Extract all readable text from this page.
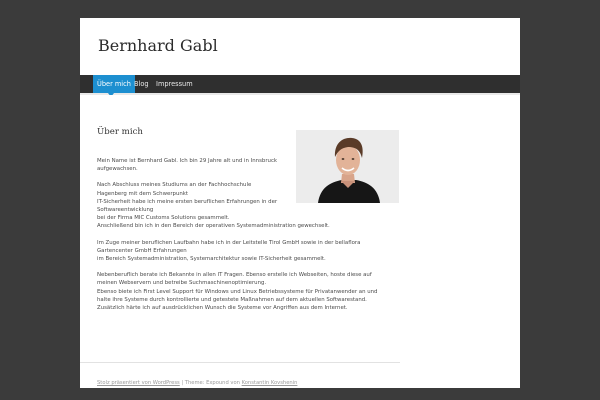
Bernhard Gabl
Über mich Blog	Impressum
Über mich

Mein Name ist Bernhard Gabl. Ich bin 29 Jahre alt und in Innsbruck
aufgewachsen.

Nach Abschluss meines Studiums an der Fachhochschule
Hagenberg mit dem Schwerpunkt
IT-Sicherheit habe ich meine ersten beruflichen Erfahrungen in der
Softwareentwicklung
bei der Firma MIC Customs Solutions gesammelt.
Anschließend bin ich in den Bereich der operativen Systemadministration gewechselt.

Im Zuge meiner beruflichen Laufbahn habe ich in der Leitstelle Tirol GmbH sowie in der bellaflora
Gartencenter GmbH Erfahrungen
im Bereich Systemadministration, Systemarchitektur sowie IT-Sicherheit gesammelt.

Nebenberuflich berate ich Bekannte in allen IT Fragen. Ebenso erstelle ich Webseiten, hoste diese auf
meinen Webservern und betreibe Suchmaschinenoptimierung.
Ebenso biete ich First Level Support für Windows und Linux Betriebssysteme für Privatanwender an und
halte ihre Systeme durch kontrollierte und getestete Maßnahmen auf dem aktuellen Softwarestand.
Zusätzlich härte ich auf ausdrücklichen Wunsch die Systeme vor Angriffen aus dem Internet.

Stolz präsentiert von WordPress | Theme: Expound von Konstantin Kovshenin
